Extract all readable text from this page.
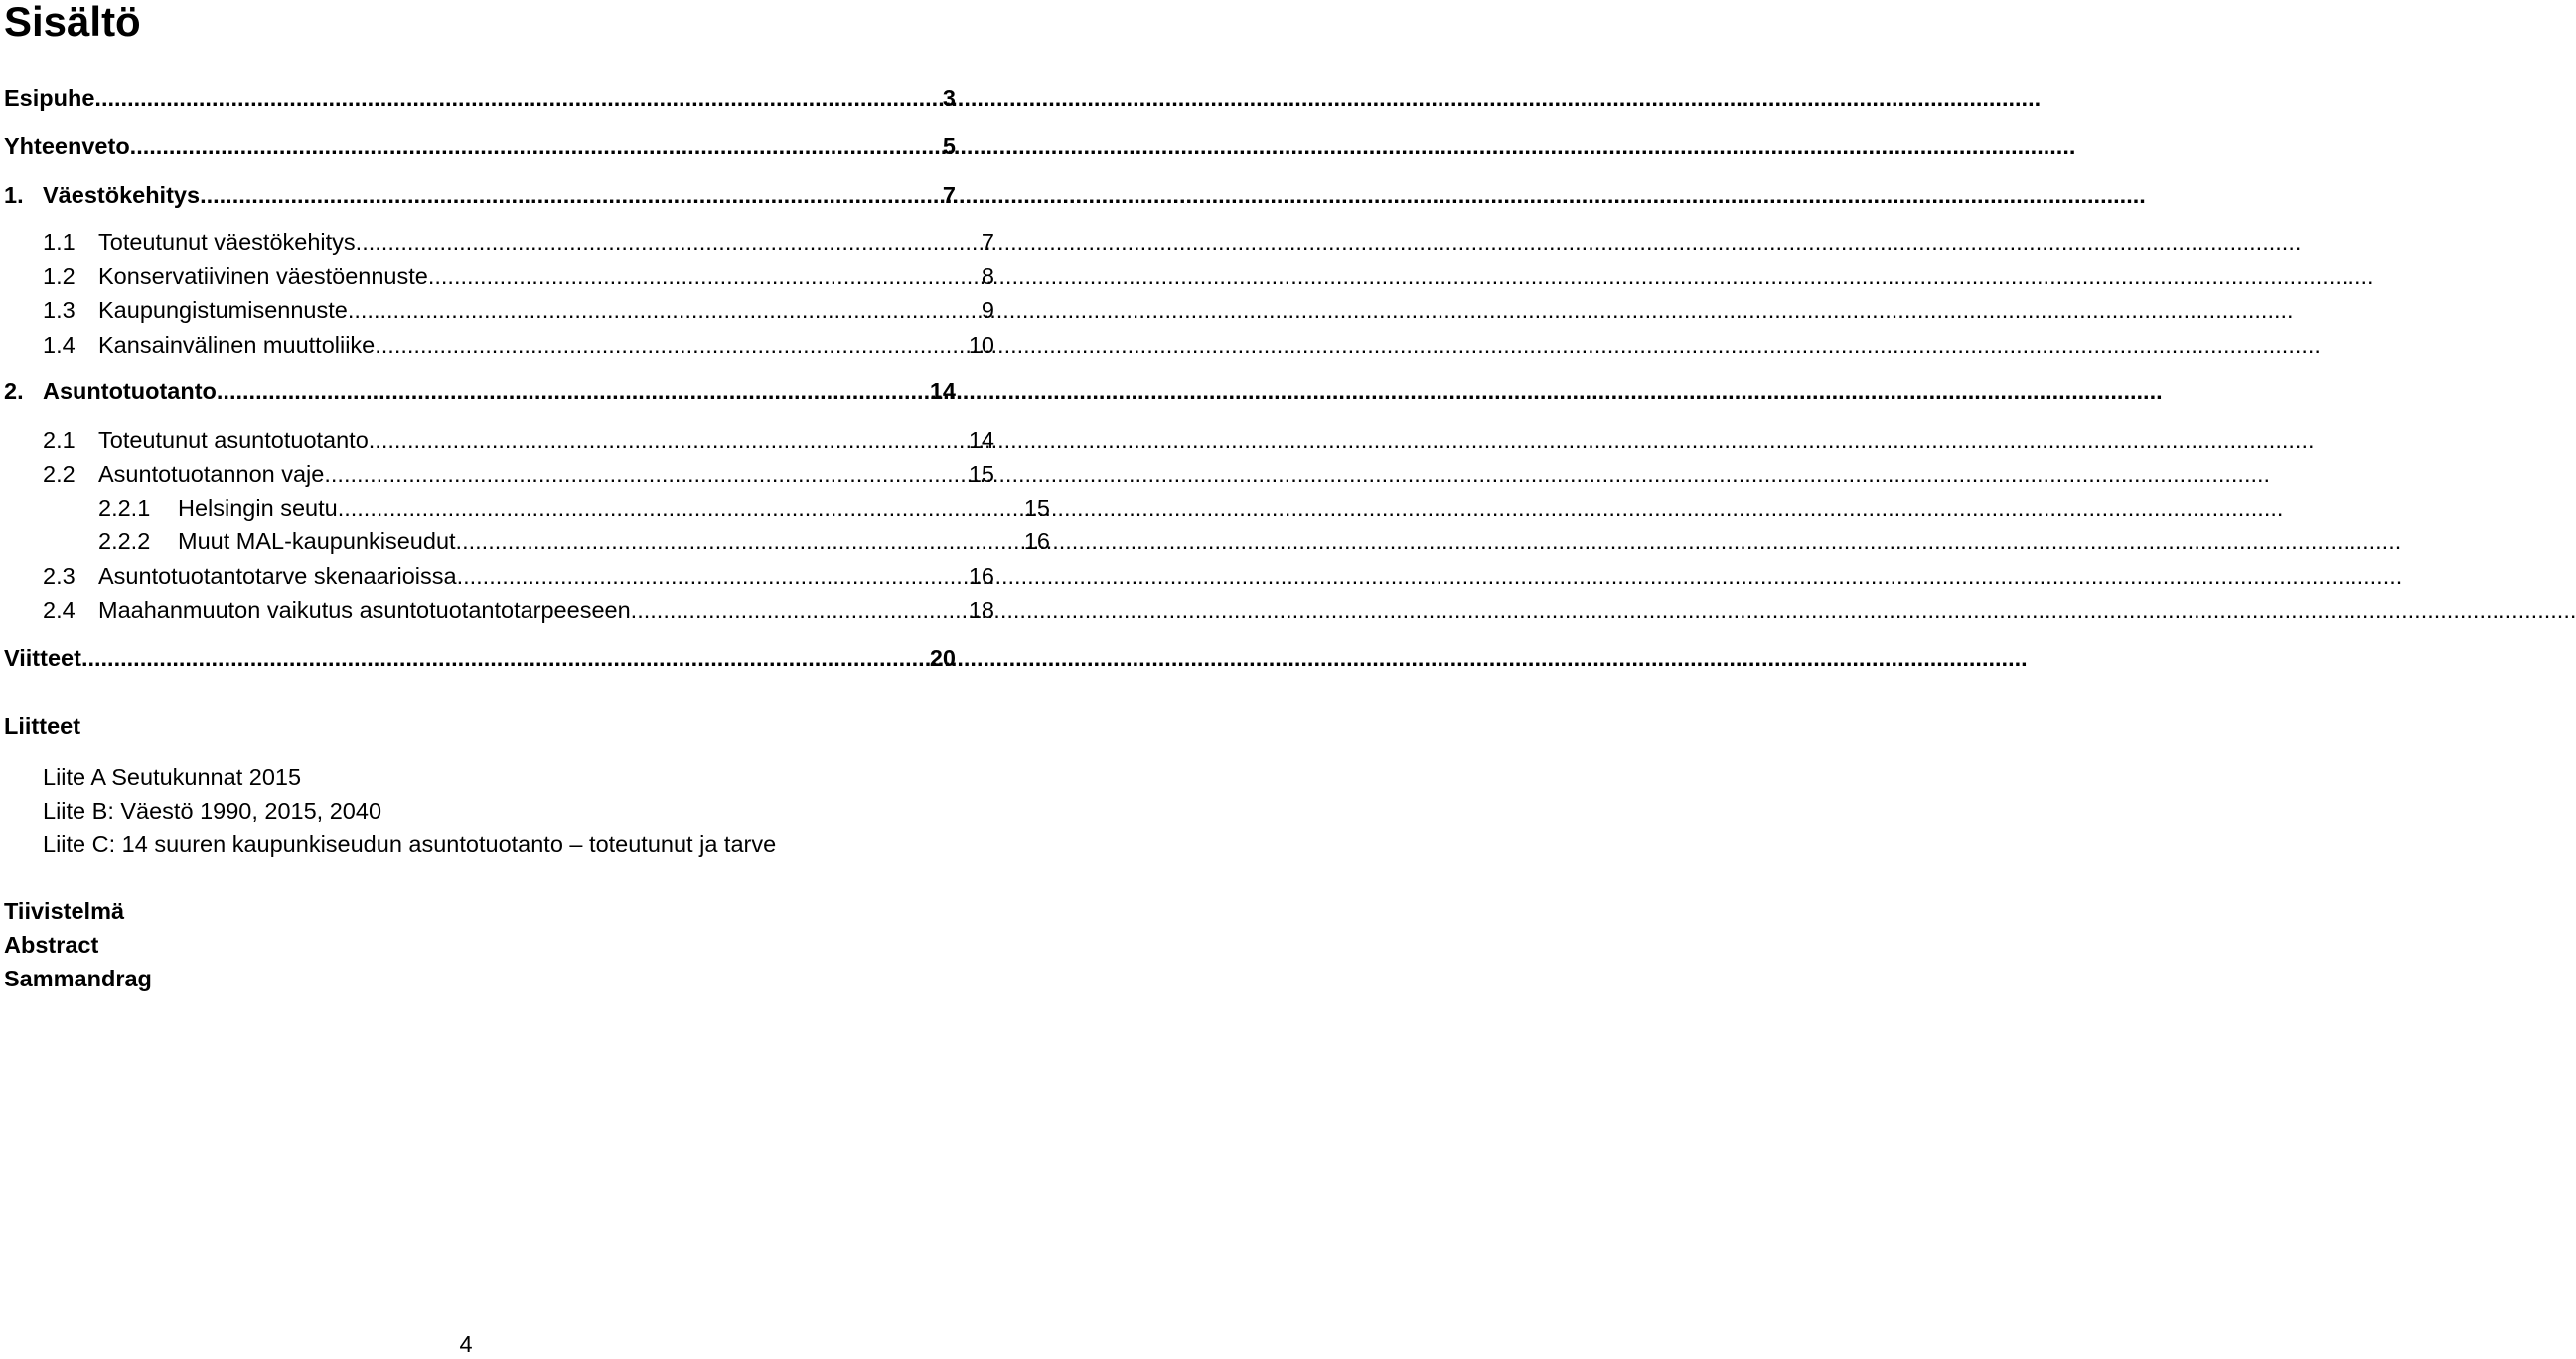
Sisältö
Esipuhe .....	3
Yhteenveto .....	5
1. Väestökehitys .....	7
1.1 Toteutunut väestökehitys .....	7
1.2 Konservatiivinen väestöennuste .....	8
1.3 Kaupungistumisennuste .....	9
1.4 Kansainvälinen muuttoliike .....	10
2. Asuntotuotanto .....	14
2.1 Toteutunut asuntotuotanto .....	14
2.2 Asuntotuotannon vaje .....	15
2.2.1	Helsingin seutu .....	15
2.2.2	Muut MAL-kaupunkiseudut .....	16
2.3 Asuntotuotantotarve skenaarioissa .....	16
2.4 Maahanmuuton vaikutus asuntotuotantotarpeeseen .....	18
Viitteet .....	20
Liitteet
Liite A Seutukunnat 2015
Liite B: Väestö 1990, 2015, 2040
Liite C: 14 suuren kaupunkiseudun asuntotuotanto – toteutunut ja tarve
Tiivistelmä
Abstract
Sammandrag
4
